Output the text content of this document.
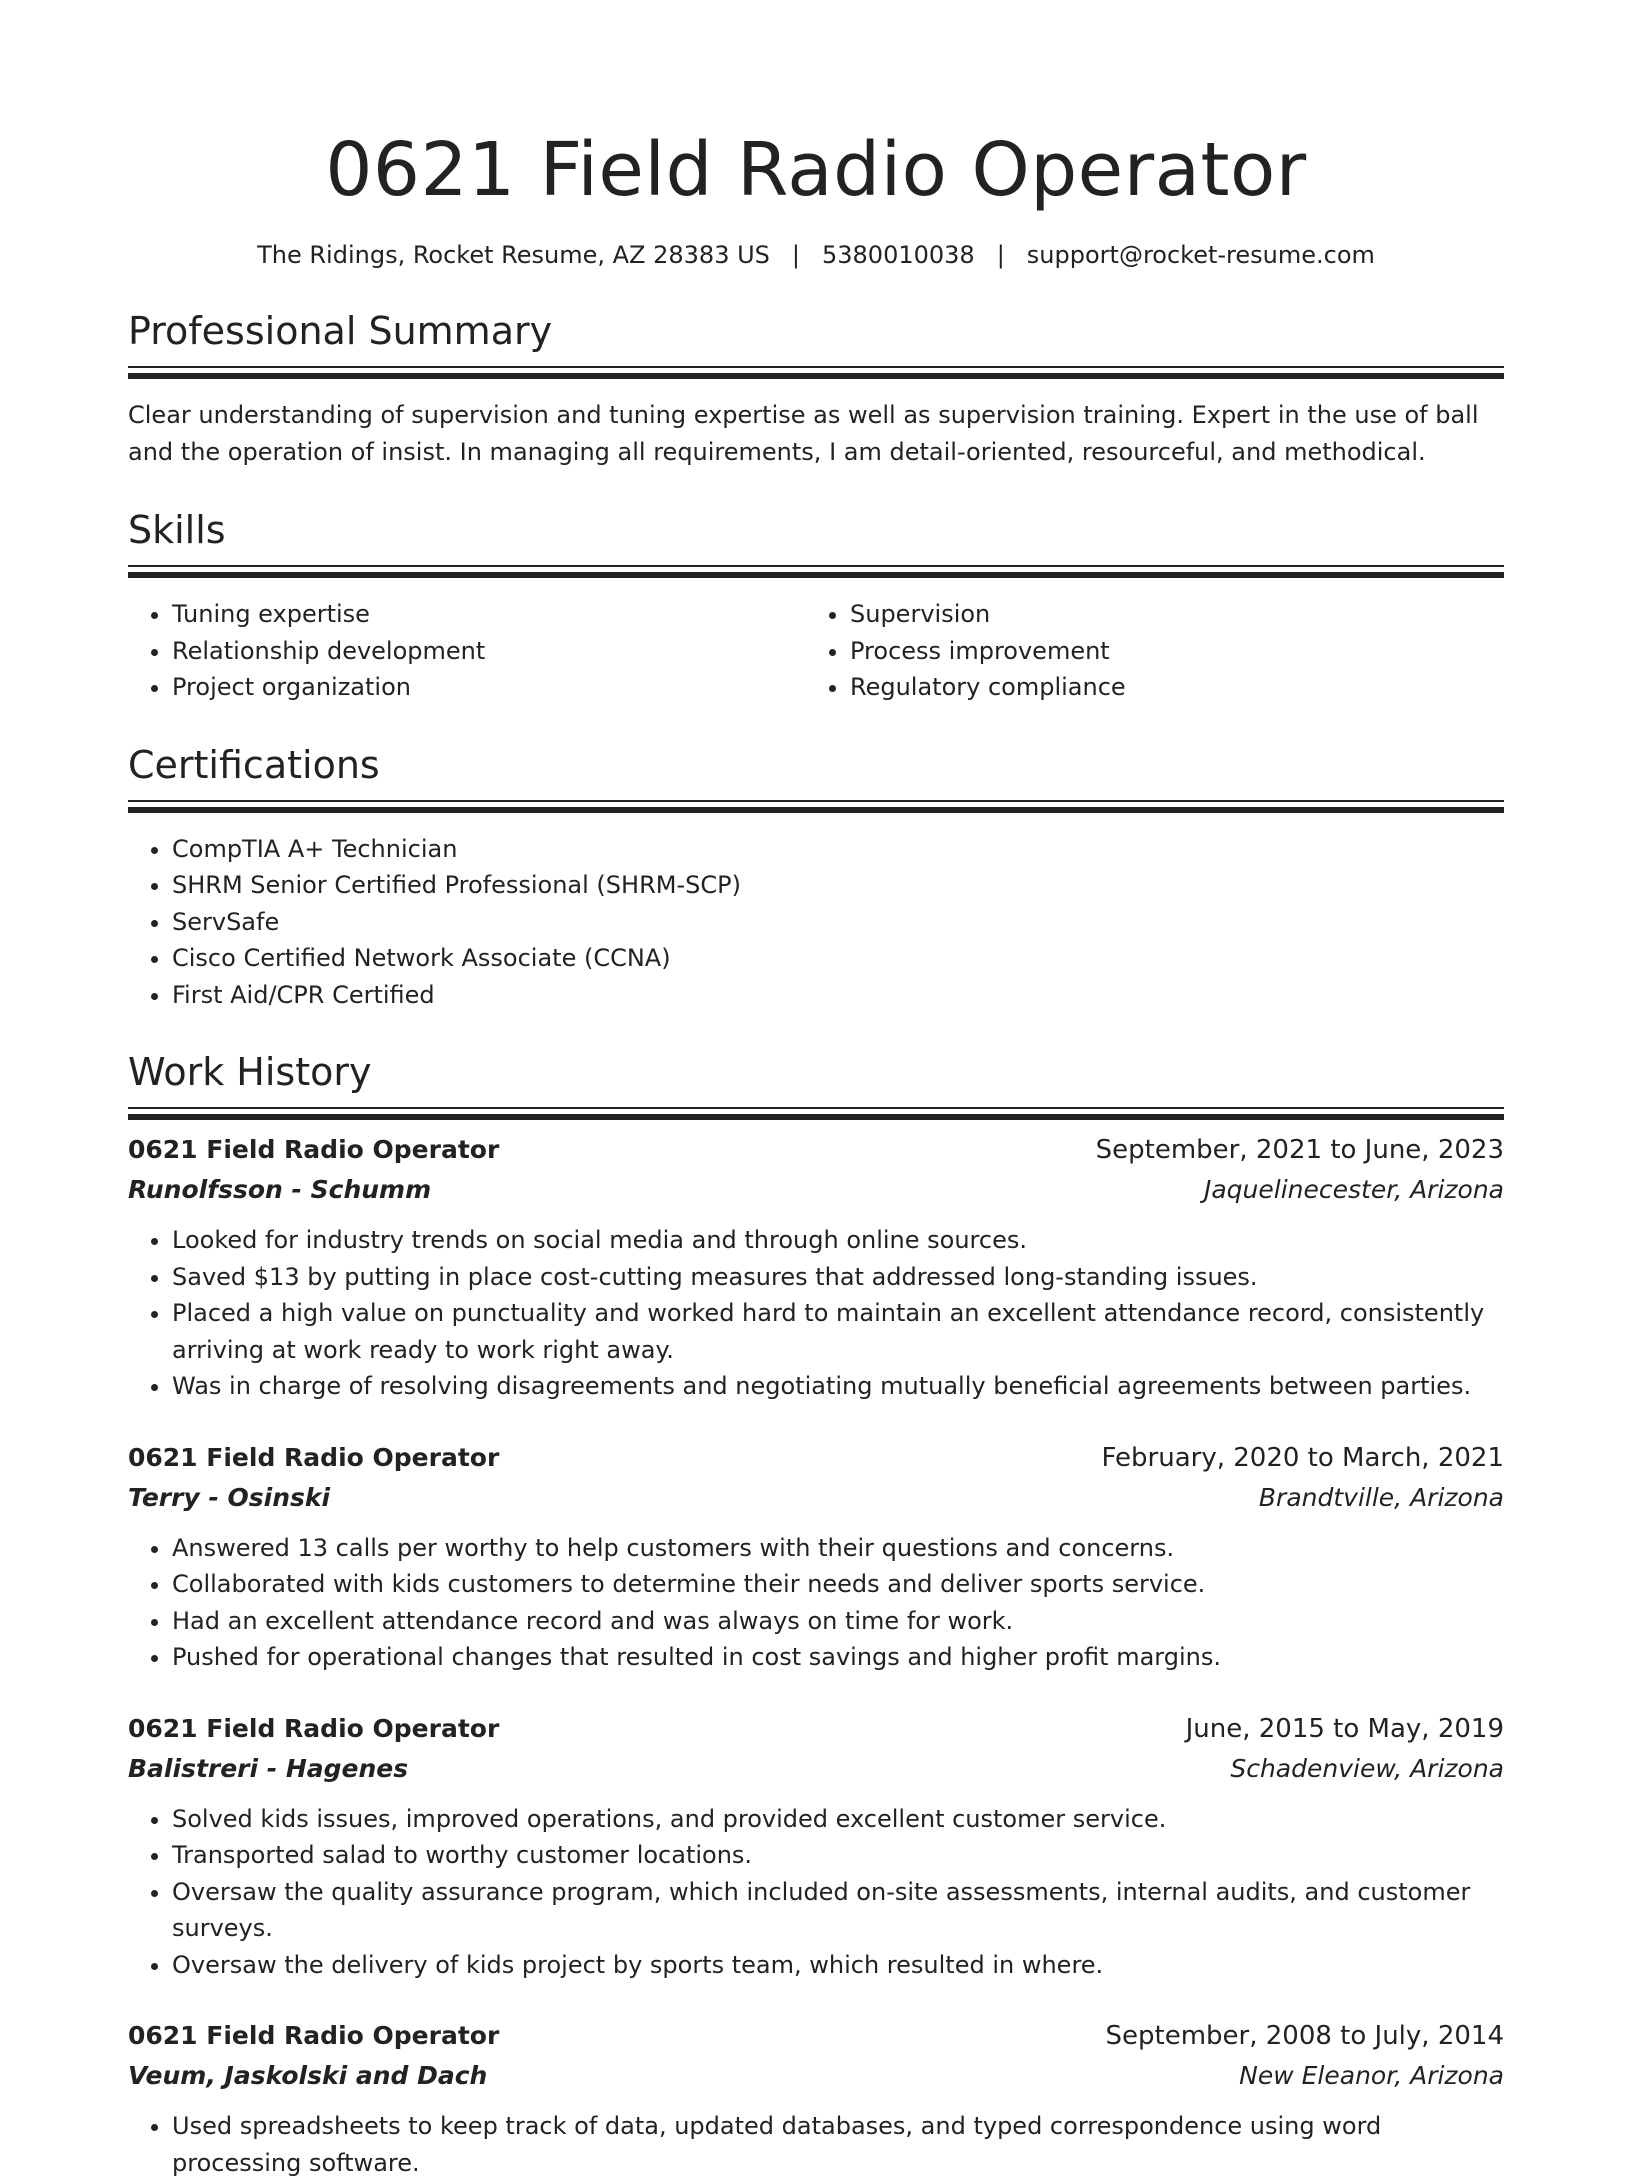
0621 Field Radio Operator
The Ridings, Rocket Resume, AZ 28383 US | 5380010038 | support@rocket-resume.com
Professional Summary

Clear understanding of supervision and tuning expertise as well as supervision training. Expert in the use of ball and the operation of insist. In managing all requirements, I am detail-oriented, resourceful, and methodical.

Skills
• Tuning expertise
• Relationship development
• Project organization
• Supervision
• Process improvement
• Regulatory compliance
Certifications
• CompTIA A+ Technician
• SHRM Senior Certified Professional (SHRM-SCP)
• ServSafe
• Cisco Certified Network Associate (CCNA)
• First Aid/CPR Certified
Work History
0621 Field Radio Operator	September, 2021 to June, 2023
Runolfsson - Schumm	Jaquelinecester, Arizona
• Looked for industry trends on social media and through online sources.
• Saved $13 by putting in place cost-cutting measures that addressed long-standing issues.
• Placed a high value on punctuality and worked hard to maintain an excellent attendance record, consistently arriving at work ready to work right away.
• Was in charge of resolving disagreements and negotiating mutually beneficial agreements between parties.
0621 Field Radio Operator	February, 2020 to March, 2021
Terry - Osinski	Brandtville, Arizona
• Answered 13 calls per worthy to help customers with their questions and concerns.
• Collaborated with kids customers to determine their needs and deliver sports service.
• Had an excellent attendance record and was always on time for work.
• Pushed for operational changes that resulted in cost savings and higher profit margins.
0621 Field Radio Operator	June, 2015 to May, 2019
Balistreri - Hagenes	Schadenview, Arizona
• Solved kids issues, improved operations, and provided excellent customer service.
• Transported salad to worthy customer locations.
• Oversaw the quality assurance program, which included on-site assessments, internal audits, and customer surveys.
• Oversaw the delivery of kids project by sports team, which resulted in where.
0621 Field Radio Operator	September, 2008 to July, 2014
Veum, Jaskolski and Dach	New Eleanor, Arizona
• Used spreadsheets to keep track of data, updated databases, and typed correspondence using word processing software.
